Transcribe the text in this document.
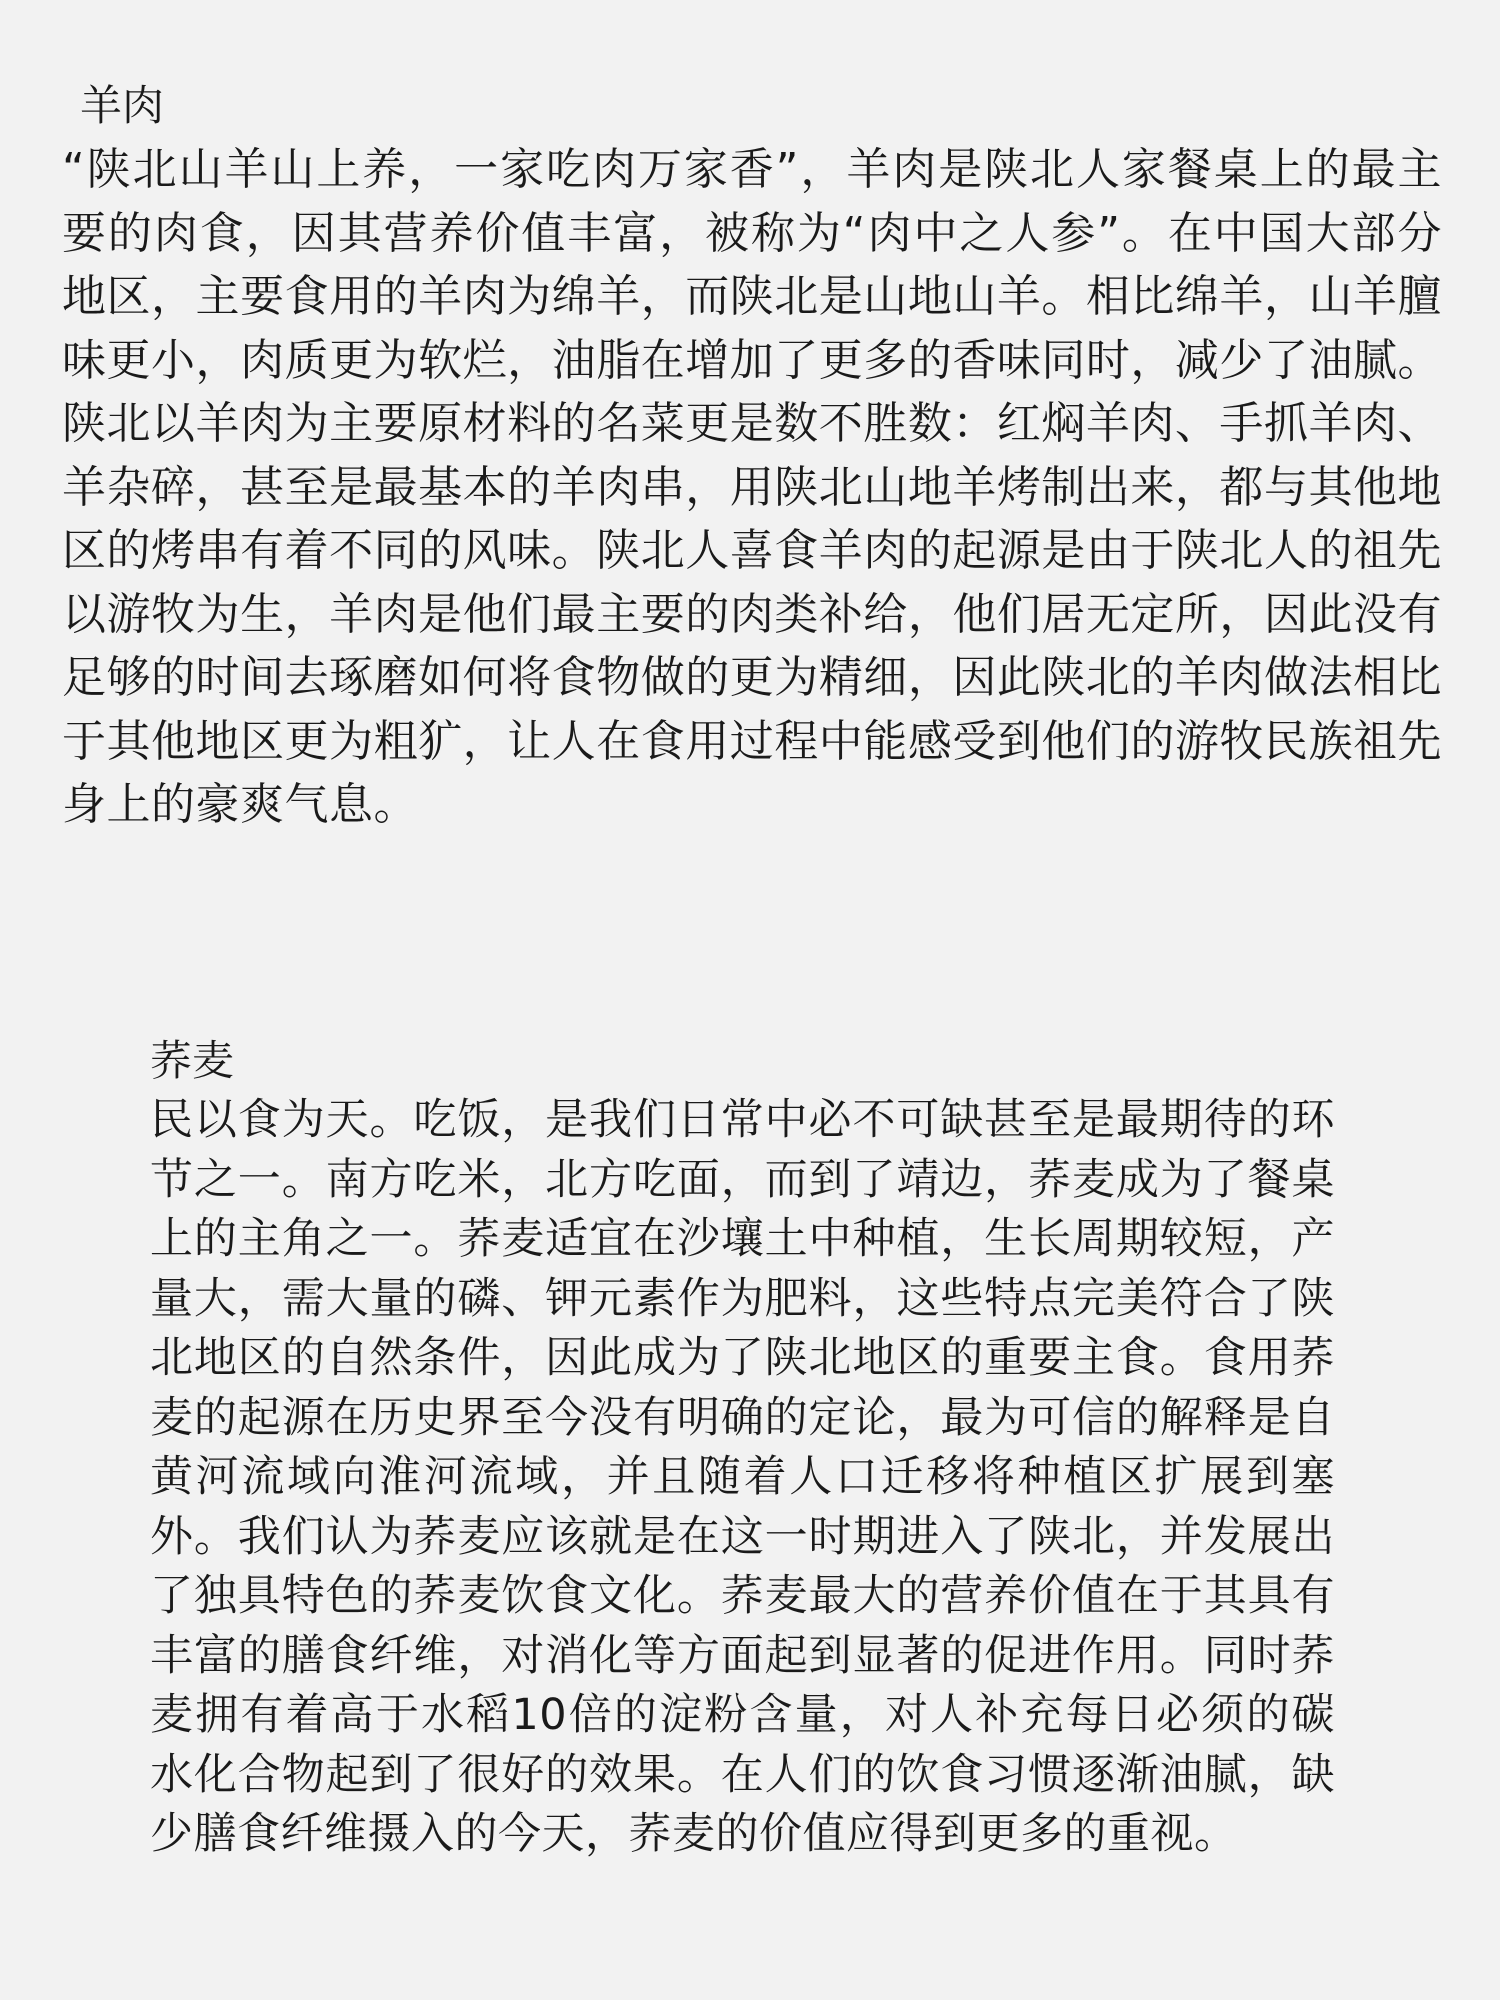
羊肉

“陕北山羊山上养，一家吃肉万家香”，羊肉是陕北人家餐桌上的最主要的肉食，因其营养价值丰富，被称为“肉中之人参”。在中国大部分地区，主要食用的羊肉为绵羊，而陕北是山地山羊。相比绵羊，山羊膻味更小，肉质更为软烂，油脂在增加了更多的香味同时，减少了油腻。陕北以羊肉为主要原材料的名菜更是数不胜数：红焖羊肉、手抓羊肉、羊杂碎，甚至是最基本的羊肉串，用陕北山地羊烤制出来，都与其他地区的烤串有着不同的风味。陕北人喜食羊肉的起源是由于陕北人的祖先以游牧为生，羊肉是他们最主要的肉类补给，他们居无定所，因此没有足够的时间去琢磨如何将食物做的更为精细，因此陕北的羊肉做法相比于其他地区更为粗犷，让人在食用过程中能感受到他们的游牧民族祖先身上的豪爽气息。

荞麦

民以食为天。吃饭，是我们日常中必不可缺甚至是最期待的环节之一。南方吃米，北方吃面，而到了靖边，荞麦成为了餐桌上的主角之一。荞麦适宜在沙壤土中种植，生长周期较短，产量大，需大量的磷、钾元素作为肥料，这些特点完美符合了陕北地区的自然条件，因此成为了陕北地区的重要主食。食用荞麦的起源在历史界至今没有明确的定论，最为可信的解释是自黄河流域向淮河流域，并且随着人口迁移将种植区扩展到塞外。我们认为荞麦应该就是在这一时期进入了陕北，并发展出了独具特色的荞麦饮食文化。荞麦最大的营养价值在于其具有丰富的膳食纤维，对消化等方面起到显著的促进作用。同时荞麦拥有着高于水稻10倍的淀粉含量，对人补充每日必须的碳水化合物起到了很好的效果。在人们的饮食习惯逐渐油腻，缺少膳食纤维摄入的今天，荞麦的价值应得到更多的重视。
